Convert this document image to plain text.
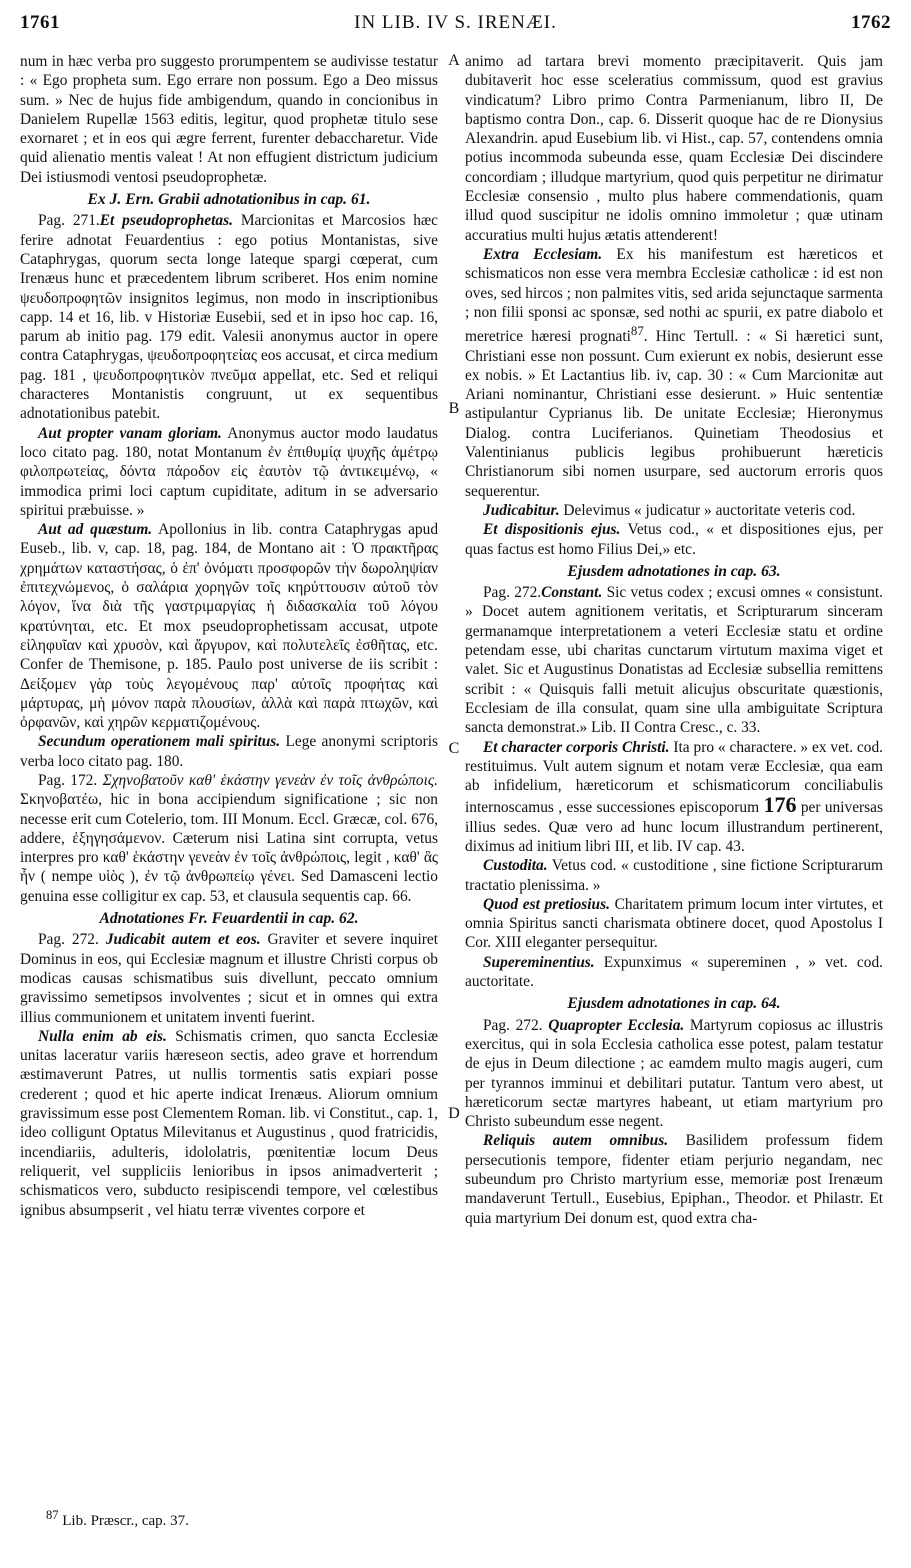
1761	IN LIB. IV S. IRENÆI.	1762
A
B
C
D

num in hæc verba pro suggesto prorumpentem se audivisse testatur : « Ego propheta sum. Ego errare non possum. Ego a Deo missus sum. » Nec de hujus fide ambigendum, quando in concionibus in Danielem Rupellæ 1563 editis, legitur, quod prophetæ titulo sese exornaret ; et in eos qui ægre ferrent, furenter debaccharetur. Vide quid alienatio mentis valeat ! At non effugient districtum judicium Dei istiusmodi ventosi pseudoprophetæ.

Ex J. Ern. Grabii adnotationibus in cap. 61.

Pag. 271.Et pseudoprophetas. Marcionitas et Marcosios hæc ferire adnotat Feuardentius : ego potius Montanistas, sive Cataphrygas, quorum secta longe lateque spargi cœperat, cum Irenæus hunc et præcedentem librum scriberet. Hos enim nomine ψευδοπροφητῶν insignitos legimus, non modo in inscriptionibus capp. 14 et 16, lib. v Historiæ Eusebii, sed et in ipso hoc cap. 16, parum ab initio pag. 179 edit. Valesii anonymus auctor in opere contra Cataphrygas, ψευδοπροφητείας eos accusat, et circa medium pag. 181 , ψευδοπροφητικὸν πνεῦμα appellat, etc. Sed et reliqui characteres Montanistis congruunt, ut ex sequentibus adnotationibus patebit.

Aut propter vanam gloriam. Anonymus auctor modo laudatus loco citato pag. 180, notat Montanum ἐν ἐπιθυμίᾳ ψυχῆς ἀμέτρῳ φιλοπρωτείας, δόντα πάροδον εἰς ἑαυτὸν τῷ ἀντικειμένῳ, « immodica primi loci captum cupiditate, aditum in se adversario spiritui præbuisse. »

Aut ad quæstum. Apollonius in lib. contra Cataphrygas apud Euseb., lib. v, cap. 18, pag. 184, de Montano ait : Ὁ πρακτῆρας χρημάτων καταστήσας, ὁ ἐπ' ὀνόματι προσφορῶν τὴν δωροληψίαν ἐπιτεχνώμενος, ὁ σαλάρια χορηγῶν τοῖς κηρύττουσιν αὐτοῦ τὸν λόγον, ἵνα διὰ τῆς γαστριμαργίας ἡ διδασκαλία τοῦ λόγου κρατύνηται, etc. Et mox pseudoprophetissam accusat, utpote εἰληφυῖαν καὶ χρυσὸν, καὶ ἄργυρον, καὶ πολυτελεῖς ἐσθῆτας, etc. Confer de Themisone, p. 185. Paulo post universe de iis scribit : Δείξομεν γὰρ τοὺς λεγομένους παρ' αὐτοῖς προφήτας καὶ μάρτυρας, μὴ μόνον παρὰ πλουσίων, ἀλλὰ καὶ παρὰ πτωχῶν, καὶ ὀρφανῶν, καὶ χηρῶν κερματιζομένους.

Secundum operationem mali spiritus. Lege anonymi scriptoris verba loco citato pag. 180.

Pag. 172. Σχηνοβατοῦν καθ' ἑκάστην γενεὰν ἐν τοῖς ἀνθρώποις. Σκηνοβατέω, hic in bona accipiendum significatione ; sic non necesse erit cum Cotelerio, tom. III Monum. Eccl. Græcæ, col. 676, addere, ἐξηγησάμενον. Cæterum nisi Latina sint corrupta, vetus interpres pro καθ' ἑκάστην γενεὰν ἐν τοῖς ἀνθρώποις, legit , καθ' ἃς ἦν ( nempe υἱὸς ), ἐν τῷ ἀνθρωπείῳ γένει. Sed Damasceni lectio genuina esse colligitur ex cap. 53, et clausula sequentis cap. 66.

Adnotationes Fr. Feuardentii in cap. 62.

Pag. 272. Judicabit autem et eos. Graviter et severe inquiret Dominus in eos, qui Ecclesiæ magnum et illustre Christi corpus ob modicas causas schismatibus suis divellunt, peccato omnium gravissimo semetipsos involventes ; sicut et in omnes qui extra illius communionem et unitatem inventi fuerint.

Nulla enim ab eis. Schismatis crimen, quo sancta Ecclesiæ unitas laceratur variis hæreseon sectis, adeo grave et horrendum æstimaverunt Patres, ut nullis tormentis satis expiari posse crederent ; quod et hic aperte indicat Irenæus. Aliorum omnium gravissimum esse post Clementem Roman. lib. vi Constitut., cap. 1, ideo colligunt Optatus Milevitanus et Augustinus , quod fratricidis, incendiariis, adulteris, idololatris, pœnitentiæ locum Deus reliquerit, vel suppliciis lenioribus in ipsos animadverterit ; schismaticos vero, subducto resipiscendi tempore, vel cœlestibus ignibus absumpserit , vel hiatu terræ viventes corpore et

animo ad tartara brevi momento præcipitaverit. Quis jam dubitaverit hoc esse sceleratius commissum, quod est gravius vindicatum? Libro primo Contra Parmenianum, libro II, De baptismo contra Don., cap. 6. Disserit quoque hac de re Dionysius Alexandrin. apud Eusebium lib. vi Hist., cap. 57, contendens omnia potius incommoda subeunda esse, quam Ecclesiæ Dei discindere concordiam ; illudque martyrium, quod quis perpetitur ne dirimatur Ecclesiæ consensio , multo plus habere commendationis, quam illud quod suscipitur ne idolis omnino immoletur ; quæ utinam accuratius multi hujus ætatis attenderent!

Extra Ecclesiam. Ex his manifestum est hæreticos et schismaticos non esse vera membra Ecclesiæ catholicæ : id est non oves, sed hircos ; non palmites vitis, sed arida sejunctaque sarmenta ; non filii sponsi ac sponsæ, sed nothi ac spurii, ex patre diabolo et meretrice hæresi prognati$^{87}$. Hinc Tertull. : « Si hæretici sunt, Christiani esse non possunt. Cum exierunt ex nobis, desierunt esse ex nobis. » Et Lactantius lib. iv, cap. 30 : « Cum Marcionitæ aut Ariani nominantur, Christiani esse desierunt. » Huic sententiæ astipulantur Cyprianus lib. De unitate Ecclesiæ; Hieronymus Dialog. contra Luciferianos. Quinetiam Theodosius et Valentinianus publicis legibus prohibuerunt hæreticis Christianorum sibi nomen usurpare, sed auctorum erroris quos sequerentur.

Judicabitur. Delevimus « judicatur » auctoritate veteris cod.

Et dispositionis ejus. Vetus cod., « et dispositiones ejus, per quas factus est homo Filius Dei,» etc.

Ejusdem adnotationes in cap. 63.

Pag. 272.Constant. Sic vetus codex ; excusi omnes « consistunt. » Docet autem agnitionem veritatis, et Scripturarum sinceram germanamque interpretationem a veteri Ecclesiæ statu et ordine petendam esse, ubi charitas cunctarum virtutum maxima viget et valet. Sic et Augustinus Donatistas ad Ecclesiæ subsellia remittens scribit : « Quisquis falli metuit alicujus obscuritate quæstionis, Ecclesiam de illa consulat, quam sine ulla ambiguitate Scriptura sancta demonstrat.» Lib. II Contra Cresc., c. 33.

Et character corporis Christi. Ita pro « charactere. » ex vet. cod. restituimus. Vult autem signum et notam veræ Ecclesiæ, qua eam ab infidelium, hæreticorum et schismaticorum conciliabulis internoscamus , esse successiones episcoporum 176 per universas illius sedes. Quæ vero ad hunc locum illustrandum pertinerent, diximus ad initium libri III, et lib. IV cap. 43.

Custodita. Vetus cod. « custoditione , sine fictione Scripturarum tractatio plenissima. »

Quod est pretiosius. Charitatem primum locum inter virtutes, et omnia Spiritus sancti charismata obtinere docet, quod Apostolus I Cor. XIII eleganter persequitur.

Supereminentius. Expunximus « supereminen , » vet. cod. auctoritate.

Ejusdem adnotationes in cap. 64.

Pag. 272. Quapropter Ecclesia. Martyrum copiosus ac illustris exercitus, qui in sola Ecclesia catholica esse potest, palam testatur de ejus in Deum dilectione ; ac eamdem multo magis augeri, cum per tyrannos imminui et debilitari putatur. Tantum vero abest, ut hæreticorum sectæ martyres habeant, ut etiam martyrium pro Christo subeundum esse negent.

Reliquis autem omnibus. Basilidem professum fidem persecutionis tempore, fidenter etiam perjurio negandam, nec subeundum pro Christo martyrium esse, memoriæ post Irenæum mandaverunt Tertull., Eusebius, Epiphan., Theodor. et Philastr. Et quia martyrium Dei donum est, quod extra cha-

$^{87}$ Lib. Præscr., cap. 37.
